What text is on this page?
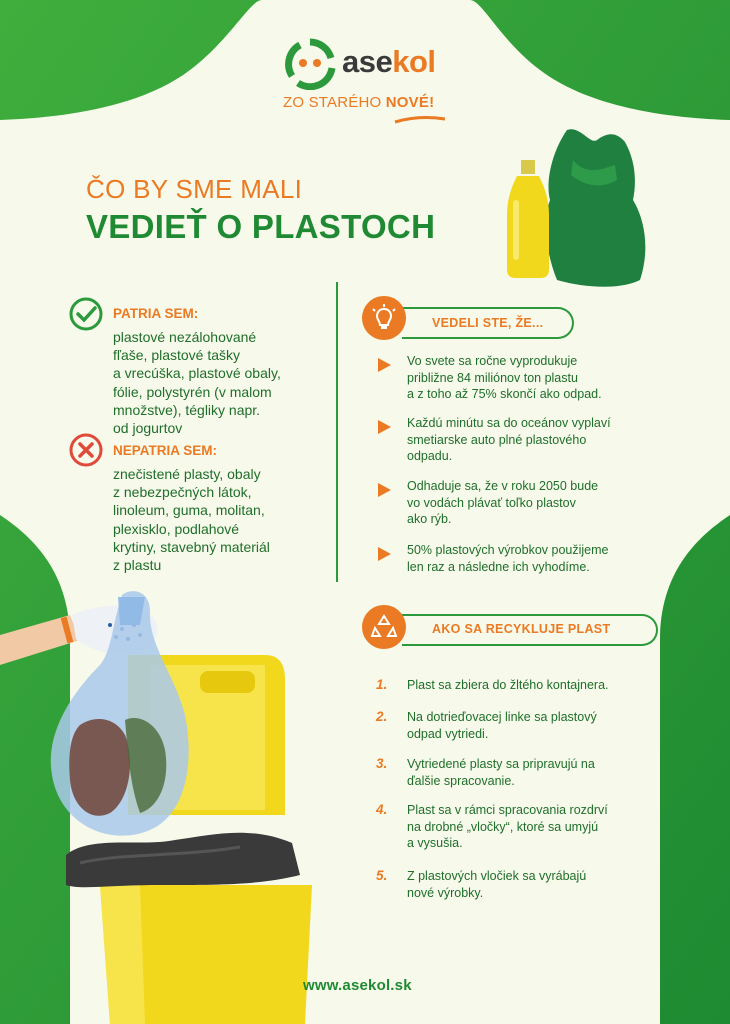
asekol
ZO STARÉHO NOVÉ!
ČO BY SME MALI
VEDIEŤ O PLASTOCH
PATRIA SEM:
plastové nezálohované
fľaše, plastové tašky
a vrecúška, plastové obaly,
fólie, polystyrén (v malom
množstve), tégliky napr.
od jogurtov
NEPATRIA SEM:
znečistené plasty, obaly
z nebezpečných látok,
linoleum, guma, molitan,
plexisklo, podlahové
krytiny, stavebný materiál
z plastu
VEDELI STE, ŽE...
Vo svete sa ročne vyprodukuje
približne 84 miliónov ton plastu
a z toho až 75% skončí ako odpad.
Každú minútu sa do oceánov vyplaví
smetiarske auto plné plastového
odpadu.
Odhaduje sa, že v roku 2050 bude
vo vodách plávať toľko plastov
ako rýb.
50% plastových výrobkov použijeme
len raz a následne ich vyhodíme.
AKO SA RECYKLUJE PLAST
1. Plast sa zbiera do žltého kontajnera.
2. Na dotrieďovacej linke sa plastový
odpad vytriedi.
3. Vytriedené plasty sa pripravujú na
ďalšie spracovanie.
4. Plast sa v rámci spracovania rozdrví
na drobné „vločky“, ktoré sa umyjú
a vysušia.
5. Z plastových vločiek sa vyrábajú
nové výrobky.
www.asekol.sk
